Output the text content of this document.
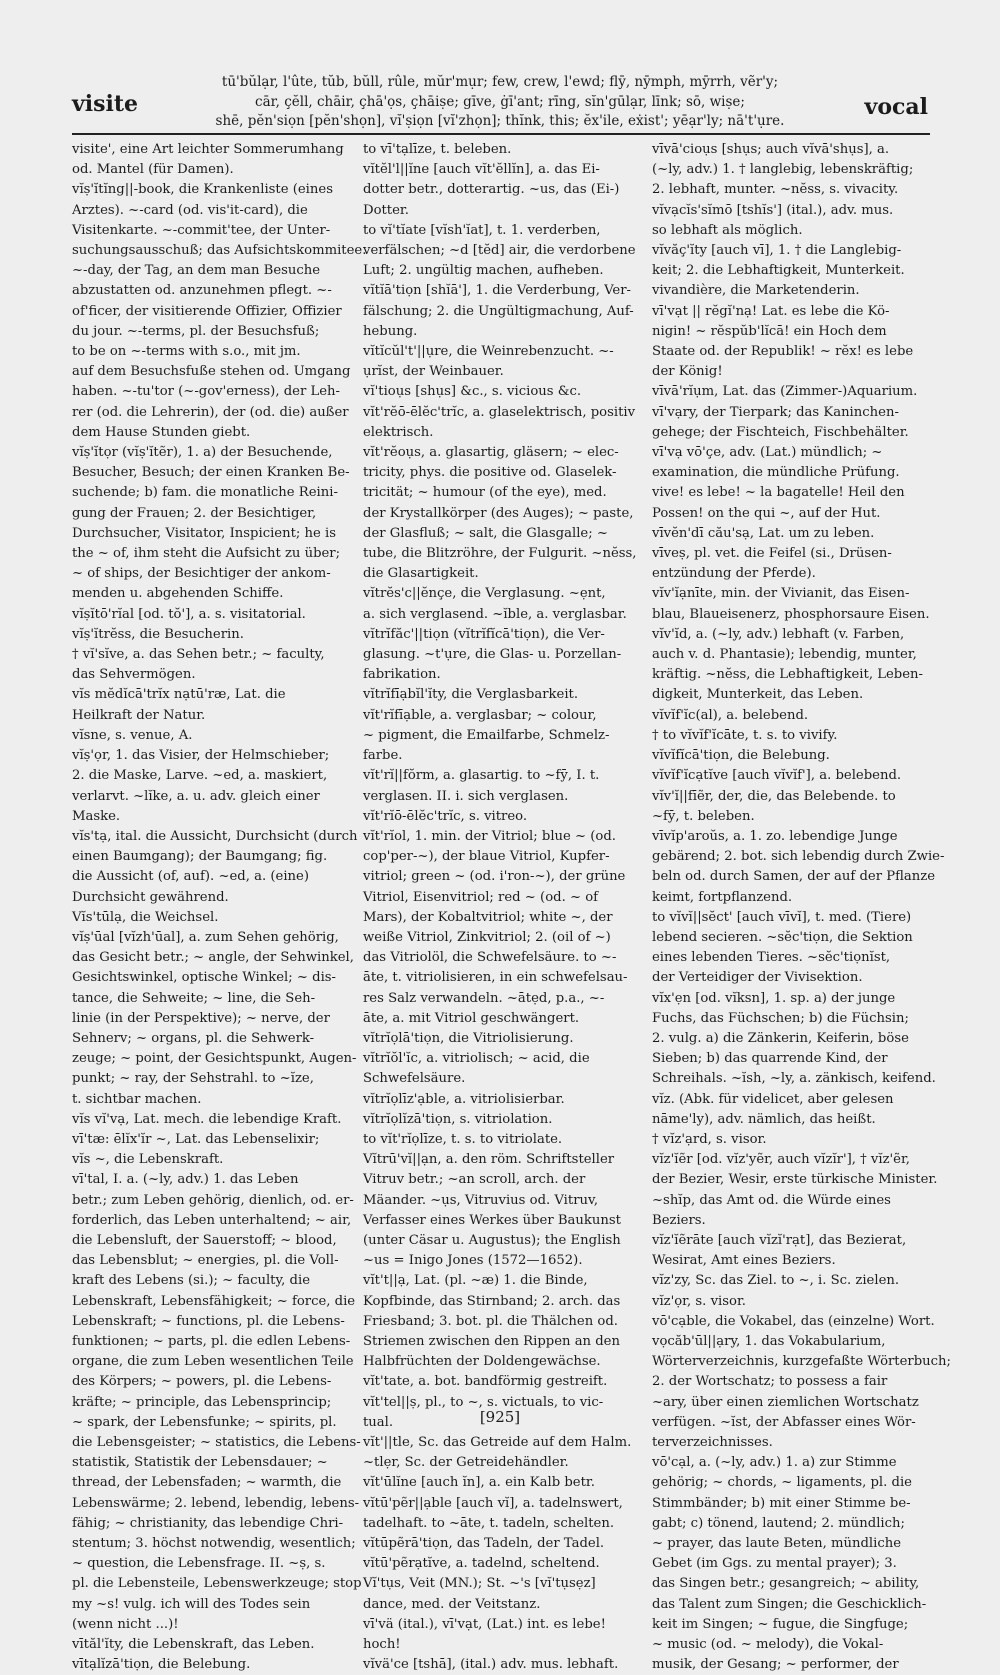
tū'bŭlạr, l'ûte, tŭb, bŭll, rûle, mŭr'mụr; few, crew, l'ewd; flȳ, nȳmph, mȳrrh, vẽr'y;
cār, çĕll, chāir, çhā'ọs, çhāiṣe; gīve, ġī'ant; rīng, sĭn'gūlạr, līnk; sō, wiṣe;
shē, pĕn'siọn [pĕn'shọn], vĭ'ṣiọn [vĭ'zhọn]; thĭnk, this; ĕx'ile, eẋist'; yēạr'ly; nā't'ụre.
visite	vocal
visite', eine Art leichter Sommerumhang
od. Mantel (für Damen).
vĭṣ'ĭtĭng||-book, die Krankenliste (eines
Arztes). ~-card (od. vis'it-card), die
Visitenkarte. ~-commit'tee, der Unter-
suchungsausschuß; das Aufsichtskommitee.
~-day, der Tag, an dem man Besuche
abzustatten od. anzunehmen pflegt. ~-
of'ficer, der visitierende Offizier, Offizier
du jour. ~-terms, pl. der Besuchsfuß;
to be on ~-terms with s.o., mit jm.
auf dem Besuchsfuße stehen od. Umgang
haben. ~-tu'tor (~-gov'erness), der Leh-
rer (od. die Lehrerin), der (od. die) außer
dem Hause Stunden giebt.
vĭṣ'ĭtọr (vĭṣ'ĭtẽr), 1. a) der Besuchende,
Besucher, Besuch; der einen Kranken Be-
suchende; b) fam. die monatliche Reini-
gung der Frauen; 2. der Besichtiger,
Durchsucher, Visitator, Inspicient; he is
the ~ of, ihm steht die Aufsicht zu über;
~ of ships, der Besichtiger der ankom-
menden u. abgehenden Schiffe.
vĭṣĭtō'rĭal [od. tŏ'], a. s. visitatorial.
vĭṣ'ĭtrĕss, die Besucherin.
† vĭ'sĭve, a. das Sehen betr.; ~ faculty,
das Sehvermögen.
vĭs mĕdĭcā'trĭx nạtū'ræ, Lat. die
Heilkraft der Natur.
vĭsne, s. venue, A.
vĭṣ'ọr, 1. das Visier, der Helmschieber;
2. die Maske, Larve. ~ed, a. maskiert,
verlarvt. ~lĭke, a. u. adv. gleich einer
Maske.
vĭs'tạ, ital. die Aussicht, Durchsicht (durch
einen Baumgang); der Baumgang; fig.
die Aussicht (of, auf). ~ed, a. (eine)
Durchsicht gewährend.
Vĭs'tūlạ, die Weichsel.
vĭṣ'ūal [vĭzh'ūal], a. zum Sehen gehörig,
das Gesicht betr.; ~ angle, der Sehwinkel,
Gesichtswinkel, optische Winkel; ~ dis-
tance, die Sehweite; ~ line, die Seh-
linie (in der Perspektive); ~ nerve, der
Sehnerv; ~ organs, pl. die Sehwerk-
zeuge; ~ point, der Gesichtspunkt, Augen-
punkt; ~ ray, der Sehstrahl. to ~ĭze,
t. sichtbar machen.
vĭs vĭ'vạ, Lat. mech. die lebendige Kraft.
vī'tæ: ēlĭx'ĭr ~, Lat. das Lebenselixir;
vĭs ~, die Lebenskraft.
vī'tal, I. a. (~ly, adv.) 1. das Leben
betr.; zum Leben gehörig, dienlich, od. er-
forderlich, das Leben unterhaltend; ~ air,
die Lebensluft, der Sauerstoff; ~ blood,
das Lebensblut; ~ energies, pl. die Voll-
kraft des Lebens (si.); ~ faculty, die
Lebenskraft, Lebensfähigkeit; ~ force, die
Lebenskraft; ~ functions, pl. die Lebens-
funktionen; ~ parts, pl. die edlen Lebens-
organe, die zum Leben wesentlichen Teile
des Körpers; ~ powers, pl. die Lebens-
kräfte; ~ principle, das Lebensprincip;
~ spark, der Lebensfunke; ~ spirits, pl.
die Lebensgeister; ~ statistics, die Lebens-
statistik, Statistik der Lebensdauer; ~
thread, der Lebensfaden; ~ warmth, die
Lebenswärme; 2. lebend, lebendig, lebens-
fähig; ~ christianity, das lebendige Chri-
stentum; 3. höchst notwendig, wesentlich;
~ question, die Lebensfrage. II. ~ṣ, s.
pl. die Lebensteile, Lebenswerkzeuge; stop
my ~s! vulg. ich will des Todes sein
(wenn nicht ...)!
vītăl'ĭty, die Lebenskraft, das Leben.
vītạlĭzā'tiọn, die Belebung.
to vī'tạlīze, t. beleben.
vĭtĕl'l||ĭne [auch vĭt'ĕllĭn], a. das Ei-
dotter betr., dotterartig. ~us, das (Ei-)
Dotter.
to vĭ'tĭate [vĭsh'ĭat], t. 1. verderben,
verfälschen; ~d [tĕd] air, die verdorbene
Luft; 2. ungültig machen, aufheben.
vĭtĭā'tiọn [shĭā'], 1. die Verderbung, Ver-
fälschung; 2. die Ungültigmachung, Auf-
hebung.
vĭtĭcŭl't'||ụre, die Weinrebenzucht. ~-
ụrĭst, der Weinbauer.
vĭ'tioụs [shụs] &c., s. vicious &c.
vĭt'rĕō-ēlĕc'trĭc, a. glaselektrisch, positiv
elektrisch.
vĭt'rĕoụs, a. glasartig, gläsern; ~ elec-
tricity, phys. die positive od. Glaselek-
tricität; ~ humour (of the eye), med.
der Krystallkörper (des Auges); ~ paste,
der Glasfluß; ~ salt, die Glasgalle; ~
tube, die Blitzröhre, der Fulgurit. ~nĕss,
die Glasartigkeit.
vĭtrĕs'c||ĕnçe, die Verglasung. ~ẹnt,
a. sich verglasend. ~ĭble, a. verglasbar.
vĭtrĭfăc'||tiọn (vĭtrĭfĭcā'tiọn), die Ver-
glasung. ~t'ụre, die Glas- u. Porzellan-
fabrikation.
vĭtrĭfīạbĭl'ĭty, die Verglasbarkeit.
vĭt'rĭfīạble, a. verglasbar; ~ colour,
~ pigment, die Emailfarbe, Schmelz-
farbe.
vĭt'rĭ||fŏrm, a. glasartig. to ~fȳ, I. t.
verglasen. II. i. sich verglasen.
vĭt'rĭō-ēlĕc'trĭc, s. vitreo.
vĭt'rĭol, 1. min. der Vitriol; blue ~ (od.
cop'per-~), der blaue Vitriol, Kupfer-
vitriol; green ~ (od. i'ron-~), der grüne
Vitriol, Eisenvitriol; red ~ (od. ~ of
Mars), der Kobaltvitriol; white ~, der
weiße Vitriol, Zinkvitriol; 2. (oil of ~)
das Vitriolöl, die Schwefelsäure. to ~-
āte, t. vitriolisieren, in ein schwefelsau-
res Salz verwandeln. ~ātẹd, p.a., ~-
āte, a. mit Vitriol geschwängert.
vĭtrĭọlā'tiọn, die Vitriolisierung.
vĭtrĭŏl'ĭc, a. vitriolisch; ~ acid, die
Schwefelsäure.
vĭtrĭọlīz'ạble, a. vitriolisierbar.
vĭtrĭọlĭzā'tiọn, s. vitriolation.
to vĭt'rĭọlīze, t. s. to vitriolate.
Vĭtrū'vĭ||ạn, a. den röm. Schriftsteller
Vitruv betr.; ~an scroll, arch. der
Mäander. ~ụs, Vitruvius od. Vitruv,
Verfasser eines Werkes über Baukunst
(unter Cäsar u. Augustus); the English
~us = Inigo Jones (1572—1652).
vĭt't||ạ, Lat. (pl. ~æ) 1. die Binde,
Kopfbinde, das Stirnband; 2. arch. das
Friesband; 3. bot. pl. die Thälchen od.
Striemen zwischen den Rippen an den
Halbfrüchten der Doldengewächse.
vĭt'tate, a. bot. bandförmig gestreift.
vĭt'tel||ṣ, pl., to ~, s. victuals, to vic-
tual.
vĭt'||tle, Sc. das Getreide auf dem Halm.
~tlẹr, Sc. der Getreidehändler.
vĭt'ūlĭne [auch ĭn], a. ein Kalb betr.
vĭtū'pẽr||ạble [auch vĭ], a. tadelnswert,
tadelhaft. to ~āte, t. tadeln, schelten.
vĭtūpẽrā'tiọn, das Tadeln, der Tadel.
vĭtū'pẽrạtĭve, a. tadelnd, scheltend.
Vĭ'tụs, Veit (MN.); St. ~'s [vĭ'tụsẹz]
dance, med. der Veitstanz.
vī'vä (ital.), vī'vạt, (Lat.) int. es lebe!
hoch!
vĭvä'ce [tshā], (ital.) adv. mus. lebhaft.
vīvā'cioụs [shụs; auch vĭvā'shụs], a.
(~ly, adv.) 1. † langlebig, lebenskräftig;
2. lebhaft, munter. ~nĕss, s. vivacity.
vĭvạcĭs'sĭmō [tshĭs'] (ital.), adv. mus.
so lebhaft als möglich.
vĭvăç'ĭty [auch vī], 1. † die Langlebig-
keit; 2. die Lebhaftigkeit, Munterkeit.
vivandière, die Marketenderin.
vī'vạt || rĕgĭ'nạ! Lat. es lebe die Kö-
nigin! ~ rĕspŭb'lĭcā! ein Hoch dem
Staate od. der Republik! ~ rĕx! es lebe
der König!
vīvā'rĭụm, Lat. das (Zimmer-)Aquarium.
vī'vạry, der Tierpark; das Kaninchen-
gehege; der Fischteich, Fischbehälter.
vī'vạ vō'çe, adv. (Lat.) mündlich; ~
examination, die mündliche Prüfung.
vive! es lebe! ~ la bagatelle! Heil den
Possen! on the qui ~, auf der Hut.
vīvĕn'dī cău'sạ, Lat. um zu leben.
vīveṣ, pl. vet. die Feifel (si., Drüsen-
entzündung der Pferde).
vĭv'ĭạnīte, min. der Vivianit, das Eisen-
blau, Blaueisenerz, phosphorsaure Eisen.
vĭv'ĭd, a. (~ly, adv.) lebhaft (v. Farben,
auch v. d. Phantasie); lebendig, munter,
kräftig. ~nĕss, die Lebhaftigkeit, Leben-
digkeit, Munterkeit, das Leben.
vĭvĭf'ĭc(al), a. belebend.
† to vĭvĭf'ĭcāte, t. s. to vivify.
vĭvĭfĭcā'tiọn, die Belebung.
vĭvĭf'ĭcạtĭve [auch vĭvĭf'], a. belebend.
vĭv'ĭ||fīẽr, der, die, das Belebende. to
~fȳ, t. beleben.
vīvĭp'aroŭs, a. 1. zo. lebendige Junge
gebärend; 2. bot. sich lebendig durch Zwie-
beln od. durch Samen, der auf der Pflanze
keimt, fortpflanzend.
to vĭvĭ||sĕct' [auch vīvĭ], t. med. (Tiere)
lebend secieren. ~sĕc'tiọn, die Sektion
eines lebenden Tieres. ~sĕc'tiọnĭst,
der Verteidiger der Vivisektion.
vĭx'ẹn [od. vĭksn], 1. sp. a) der junge
Fuchs, das Füchschen; b) die Füchsin;
2. vulg. a) die Zänkerin, Keiferin, böse
Sieben; b) das quarrende Kind, der
Schreihals. ~ĭsh, ~ly, a. zänkisch, keifend.
vĭz. (Abk. für videlicet, aber gelesen
nāme'ly), adv. nämlich, das heißt.
† vĭz'ạrd, s. visor.
vĭz'ĭẽr [od. vĭz'yẽr, auch vĭzĭr'], † vĭz'ẽr,
der Bezier, Wesir, erste türkische Minister.
~shĭp, das Amt od. die Würde eines
Beziers.
vĭz'ĭẽrāte [auch vĭzĭ'rạt], das Bezierat,
Wesirat, Amt eines Beziers.
vĭz'zy, Sc. das Ziel. to ~, i. Sc. zielen.
vĭz'ọr, s. visor.
vō'cạble, die Vokabel, das (einzelne) Wort.
vọcăb'ūl||ạry, 1. das Vokabularium,
Wörterverzeichnis, kurzgefaßte Wörterbuch;
2. der Wortschatz; to possess a fair
~ary, über einen ziemlichen Wortschatz
verfügen. ~ĭst, der Abfasser eines Wör-
terverzeichnisses.
vō'cạl, a. (~ly, adv.) 1. a) zur Stimme
gehörig; ~ chords, ~ ligaments, pl. die
Stimmbänder; b) mit einer Stimme be-
gabt; c) tönend, lautend; 2. mündlich;
~ prayer, das laute Beten, mündliche
Gebet (im Ggs. zu mental prayer); 3.
das Singen betr.; gesangreich; ~ ability,
das Talent zum Singen; die Geschicklich-
keit im Singen; ~ fugue, die Singfuge;
~ music (od. ~ melody), die Vokal-
musik, der Gesang; ~ performer, der
[925]
